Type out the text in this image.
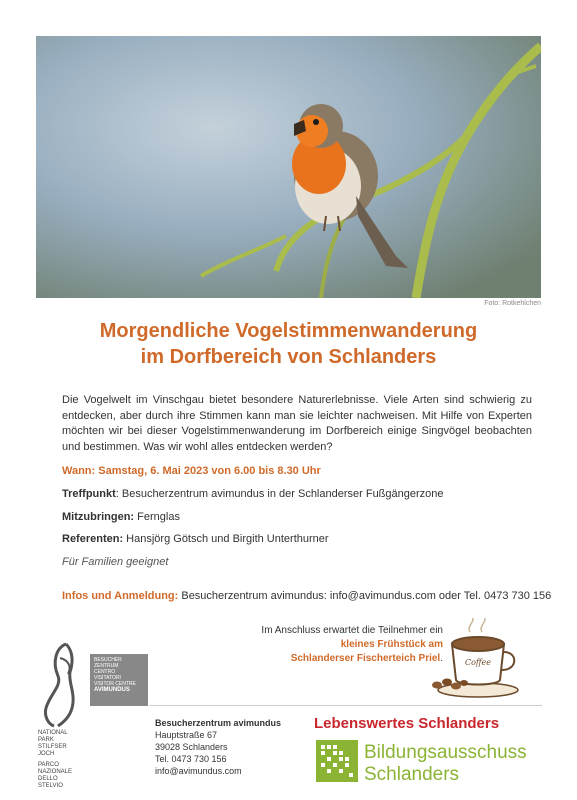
Foto: Rotkehlchen
Morgendliche Vogelstimmenwanderung
im Dorfbereich von Schlanders
Die Vogelwelt im Vinschgau bietet besondere Naturerlebnisse. Viele Arten sind schwierig zu entdecken, aber durch ihre Stimmen kann man sie leichter nachweisen. Mit Hilfe von Experten möchten wir bei dieser Vogelstimmenwanderung im Dorfbereich einige Singvögel beobachten und bestimmen. Was wir wohl alles entdecken werden?
Wann: Samstag, 6. Mai 2023 von 6.00 bis 8.30 Uhr
Treffpunkt: Besucherzentrum avimundus in der Schlanderser Fußgängerzone
Mitzubringen: Fernglas
Referenten: Hansjörg Götsch und Birgith Unterthurner
Für Familien geeignet
Infos und Anmeldung: Besucherzentrum avimundus: info@avimundus.com oder Tel. 0473 730 156
Im Anschluss erwartet die Teilnehmer ein
kleines Frühstück am
Schlanderser Fischerteich Priel.	Coffee
BESUCHER
ZENTRUM
CENTRO
VISITATORI
VISITOR CENTRE
AVIMUNDUS
NATIONAL
PARK
STILFSER
JOCH
PARCO
NAZIONALE
DELLO
STELVIO
Besucherzentrum avimundus
Hauptstraße 67
39028 Schlanders
Tel. 0473 730 156
info@avimundus.com
Lebenswertes Schlanders
Bildungsausschuss
Schlanders
